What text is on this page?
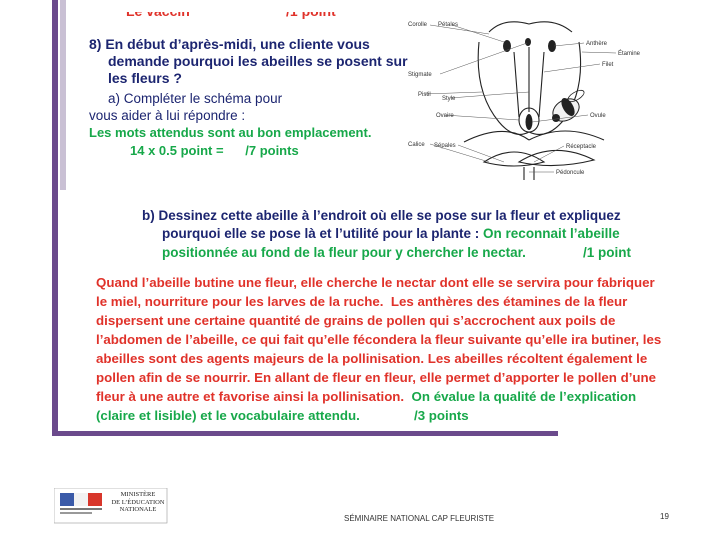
8) En début d’après-midi, une cliente vous
demande pourquoi les abeilles se posent sur
les fleurs ?
a) Compléter le schéma pour
vous aider à lui répondre :
Les mots attendus sont au bon emplacement.
14 x 0.5 point =      /7 points
Corolle Pétales
Anthère
Étamine
Filet
Stigmate
Pistil
Style
Ovaire	Ovule
Calice Sépales	Réceptacle
Pédoncule
b) Dessinez cette abeille à l’endroit où elle se pose sur la fleur et expliquez
pourquoi elle se pose là et l’utilité pour la plante : On reconnait l’abeille
positionnée au fond de la fleur pour y chercher le nectar.	/1 point
Quand l’abeille butine une fleur, elle cherche le nectar dont elle se servira pour fabriquer
le miel, nourriture pour les larves de la ruche.  Les anthères des étamines de la fleur
dispersent une certaine quantité de grains de pollen qui s’accrochent aux poils de
l’abdomen de l’abeille, ce qui fait qu’elle fécondera la fleur suivante qu’elle ira butiner, les
abeilles sont des agents majeurs de la pollinisation. Les abeilles récoltent également le
pollen afin de se nourrir. En allant de fleur en fleur, elle permet d’apporter le pollen d’une
fleur à une autre et favorise ainsi la pollinisation.  On évalue la qualité de l’explication
(claire et lisible) et le vocabulaire attendu.	/3 points
MINISTÈRE
DE L’ÉDUCATION
NATIONALE
SÉMINAIRE NATIONAL CAP FLEURISTE	19
